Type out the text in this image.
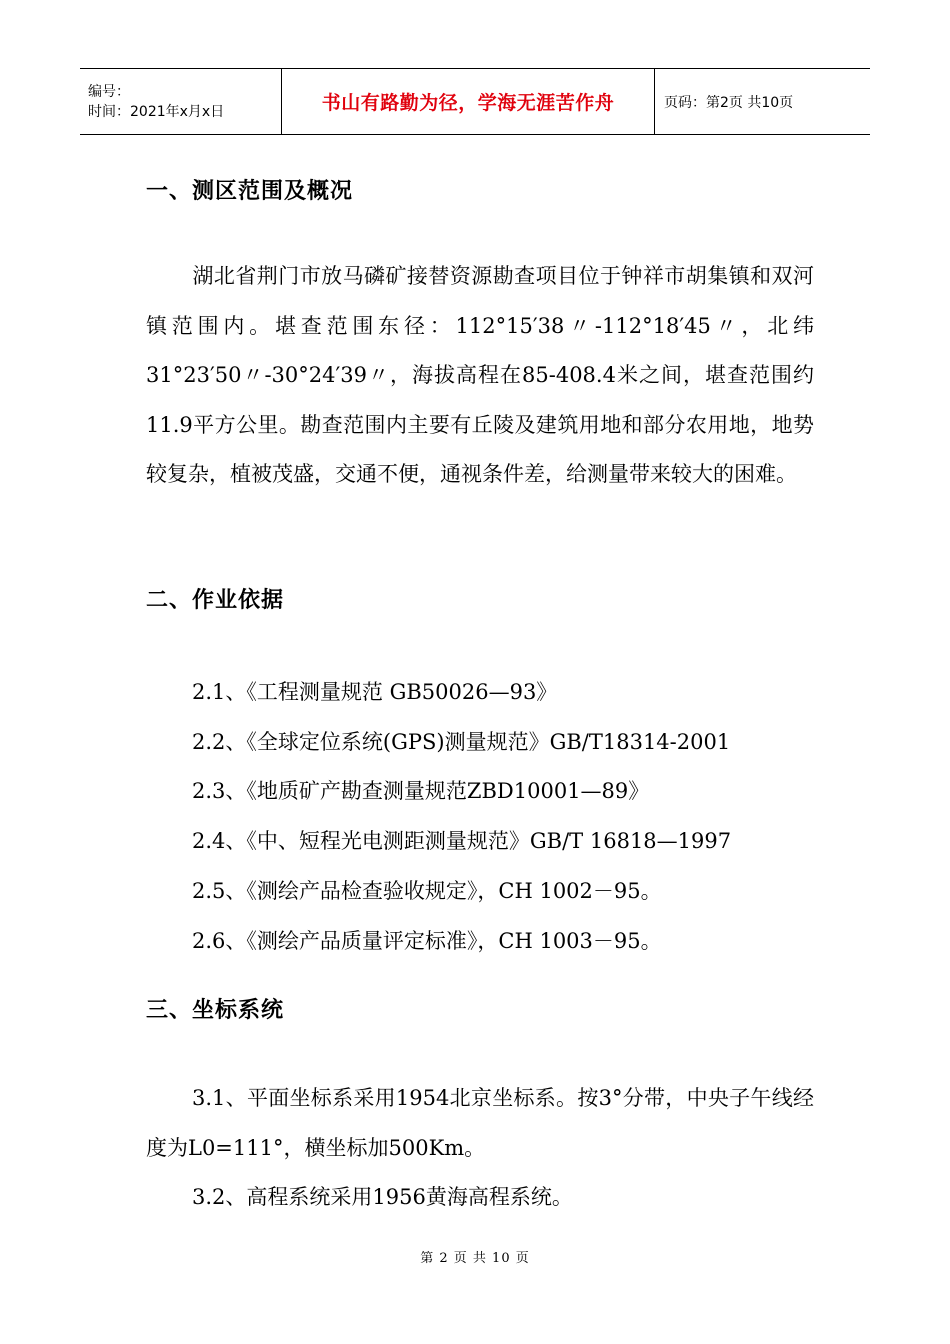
编号：
时间：2021年x月x日	书山有路勤为径，学海无涯苦作舟	页码：第2页 共10页
一、测区范围及概况

湖北省荆门市放马磷矿接替资源勘查项目位于钟祥市胡集镇和双河镇范围内。堪查范围东径：112°15′38〃-112°18′45〃，北纬31°23′50〃-30°24′39〃，海拔高程在85-408.4米之间，堪查范围约11.9平方公里。勘查范围内主要有丘陵及建筑用地和部分农用地，地势较复杂，植被茂盛，交通不便，通视条件差，给测量带来较大的困难。

二、作业依据

2.1、《工程测量规范 GB50026—93》

2.2、《全球定位系统(GPS)测量规范》GB/T18314-2001

2.3、《地质矿产勘查测量规范ZBD10001—89》

2.4、《中、短程光电测距测量规范》GB/T 16818—1997

2.5、《测绘产品检查验收规定》，CH 1002－95。

2.6、《测绘产品质量评定标准》，CH 1003－95。

三、坐标系统

3.1、平面坐标系采用1954北京坐标系。按3°分带，中央子午线经度为L0=111°，横坐标加500Km。

3.2、高程系统采用1956黄海高程系统。

第 2 页 共 10 页
